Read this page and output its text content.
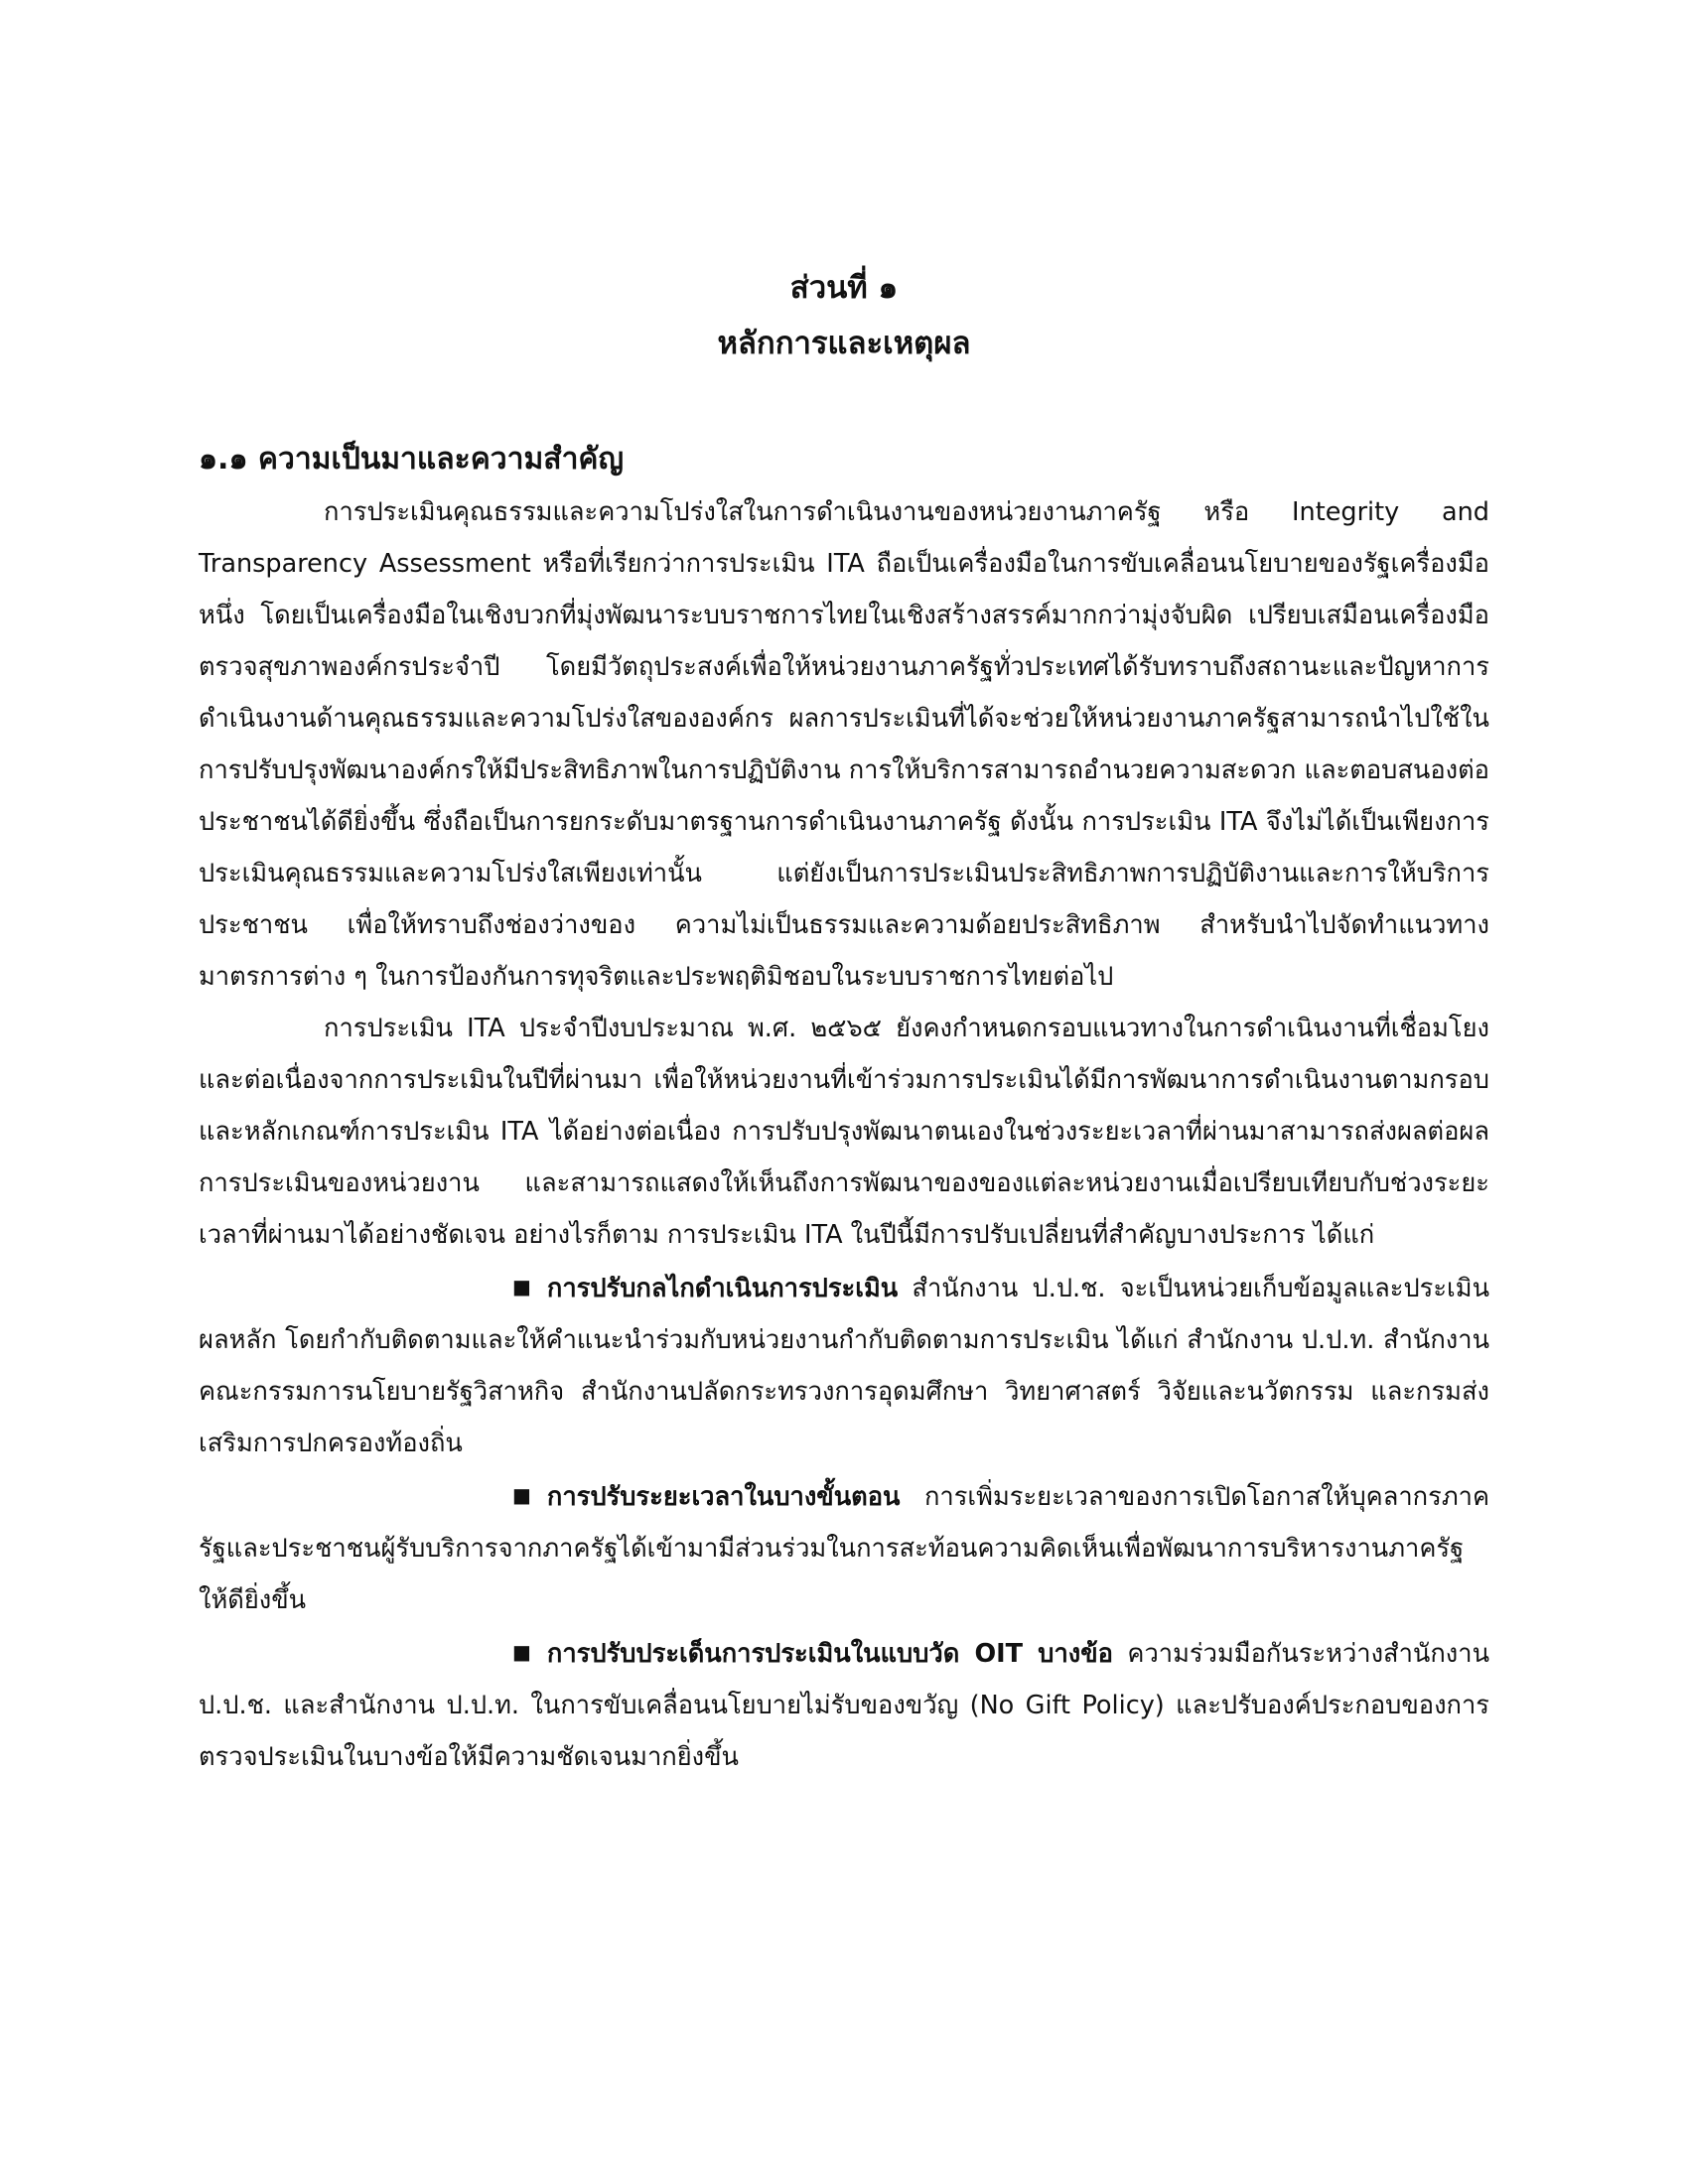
ส่วนที่ ๑
หลักการและเหตุผล
๑.๑ ความเป็นมาและความสำคัญ

การประเมินคุณธรรมและความโปร่งใสในการดำเนินงานของหน่วยงานภาครัฐ หรือ Integrity and Transparency Assessment หรือที่เรียกว่าการประเมิน ITA ถือเป็นเครื่องมือในการขับเคลื่อนนโยบายของรัฐเครื่องมือหนึ่ง โดยเป็นเครื่องมือในเชิงบวกที่มุ่งพัฒนาระบบราชการไทยในเชิงสร้างสรรค์มากกว่ามุ่งจับผิด เปรียบเสมือนเครื่องมือตรวจสุขภาพองค์กรประจำปี โดยมีวัตถุประสงค์เพื่อให้หน่วยงานภาครัฐทั่วประเทศได้รับทราบถึงสถานะและปัญหาการดำเนินงานด้านคุณธรรมและความโปร่งใสขององค์กร ผลการประเมินที่ได้จะช่วยให้หน่วยงานภาครัฐสามารถนำไปใช้ในการปรับปรุงพัฒนาองค์กรให้มีประสิทธิภาพในการปฏิบัติงาน การให้บริการสามารถอำนวยความสะดวก และตอบสนองต่อประชาชนได้ดียิ่งขึ้น ซึ่งถือเป็นการยกระดับมาตรฐานการดำเนินงานภาครัฐ ดังนั้น การประเมิน ITA จึงไม่ได้เป็นเพียงการประเมินคุณธรรมและความโปร่งใสเพียงเท่านั้น แต่ยังเป็นการประเมินประสิทธิภาพการปฏิบัติงานและการให้บริการประชาชน เพื่อให้ทราบถึงช่องว่างของ ความไม่เป็นธรรมและความด้อยประสิทธิภาพ สำหรับนำไปจัดทำแนวทางมาตรการต่าง ๆ ในการป้องกันการทุจริตและประพฤติมิชอบในระบบราชการไทยต่อไป

การประเมิน ITA ประจำปีงบประมาณ พ.ศ. ๒๕๖๕ ยังคงกำหนดกรอบแนวทางในการดำเนินงานที่เชื่อมโยงและต่อเนื่องจากการประเมินในปีที่ผ่านมา เพื่อให้หน่วยงานที่เข้าร่วมการประเมินได้มีการพัฒนาการดำเนินงานตามกรอบและหลักเกณฑ์การประเมิน ITA ได้อย่างต่อเนื่อง การปรับปรุงพัฒนาตนเองในช่วงระยะเวลาที่ผ่านมาสามารถส่งผลต่อผลการประเมินของหน่วยงาน และสามารถแสดงให้เห็นถึงการพัฒนาของของแต่ละหน่วยงานเมื่อเปรียบเทียบกับช่วงระยะเวลาที่ผ่านมาได้อย่างชัดเจน อย่างไรก็ตาม การประเมิน ITA ในปีนี้มีการปรับเปลี่ยนที่สำคัญบางประการ ได้แก่

■ การปรับกลไกดำเนินการประเมิน สำนักงาน ป.ป.ช. จะเป็นหน่วยเก็บข้อมูลและประเมินผลหลัก โดยกำกับติดตามและให้คำแนะนำร่วมกับหน่วยงานกำกับติดตามการประเมิน ได้แก่ สำนักงาน ป.ป.ท. สำนักงานคณะกรรมการนโยบายรัฐวิสาหกิจ สำนักงานปลัดกระทรวงการอุดมศึกษา วิทยาศาสตร์ วิจัยและนวัตกรรม และกรมส่งเสริมการปกครองท้องถิ่น

■ การปรับระยะเวลาในบางขั้นตอน การเพิ่มระยะเวลาของการเปิดโอกาสให้บุคลากรภาครัฐและประชาชนผู้รับบริการจากภาครัฐได้เข้ามามีส่วนร่วมในการสะท้อนความคิดเห็นเพื่อพัฒนาการบริหารงานภาครัฐให้ดียิ่งขึ้น

■ การปรับประเด็นการประเมินในแบบวัด OIT บางข้อ ความร่วมมือกันระหว่างสำนักงาน ป.ป.ช. และสำนักงาน ป.ป.ท. ในการขับเคลื่อนนโยบายไม่รับของขวัญ (No Gift Policy) และปรับองค์ประกอบของการตรวจประเมินในบางข้อให้มีความชัดเจนมากยิ่งขึ้น
